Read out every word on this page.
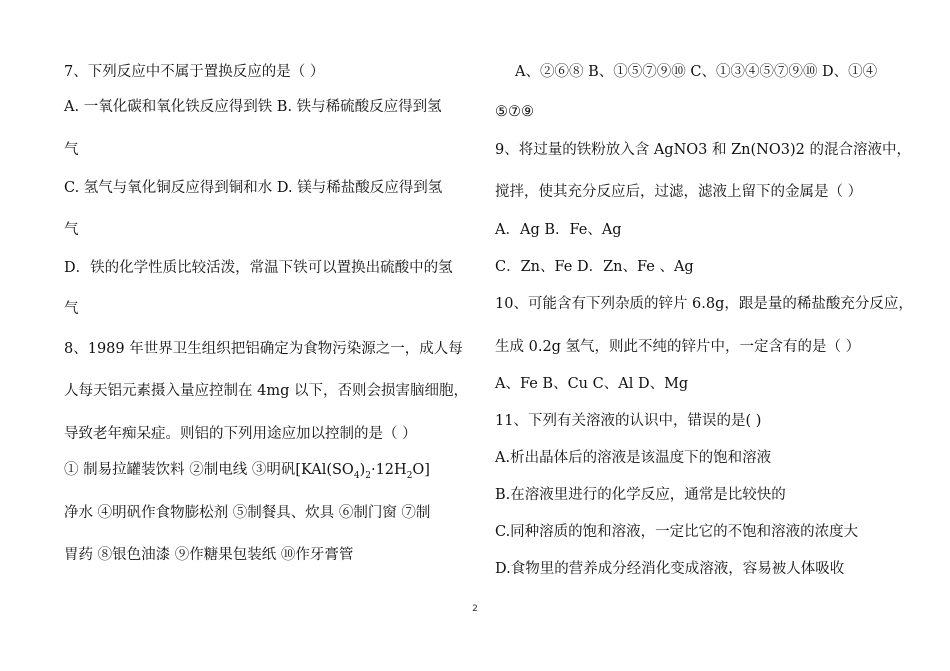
7、下列反应中不属于置换反应的是（ ）
A. 一氧化碳和氧化铁反应得到铁 B. 铁与稀硫酸反应得到氢
气
C. 氢气与氧化铜反应得到铜和水 D. 镁与稀盐酸反应得到氢
气
D．铁的化学性质比较活泼，常温下铁可以置换出硫酸中的氢
气
8、1989 年世界卫生组织把铝确定为食物污染源之一，成人每
人每天铝元素摄入量应控制在 4mg 以下，否则会损害脑细胞，
导致老年痴呆症。则铝的下列用途应加以控制的是（ ）
① 制易拉罐装饮料 ②制电线 ③明矾$[KAl(SO_4)_2\cdot 12H_2O]$
净水 ④明矾作食物膨松剂 ⑤制餐具、炊具 ⑥制门窗 ⑦制
胃药 ⑧银色油漆 ⑨作糖果包装纸 ⑩作牙膏管
A、②⑥⑧ B、①⑤⑦⑨⑩ C、①③④⑤⑦⑨⑩ D、①④
⑤⑦⑨
9、将过量的铁粉放入含 AgNO3 和 Zn(NO3)2 的混合溶液中，
搅拌，使其充分反应后，过滤，滤液上留下的金属是（ ）
A．Ag B．Fe、Ag
C．Zn、Fe D．Zn、Fe 、Ag
10、可能含有下列杂质的锌片 6.8g，跟是量的稀盐酸充分反应，
生成 0.2g 氢气，则此不纯的锌片中，一定含有的是（ ）
A、Fe B、Cu C、Al D、Mg
11、下列有关溶液的认识中，错误的是( )
A.析出晶体后的溶液是该温度下的饱和溶液
B.在溶液里进行的化学反应，通常是比较快的
C.同种溶质的饱和溶液，一定比它的不饱和溶液的浓度大
D.食物里的营养成分经消化变成溶液，容易被人体吸收
2
